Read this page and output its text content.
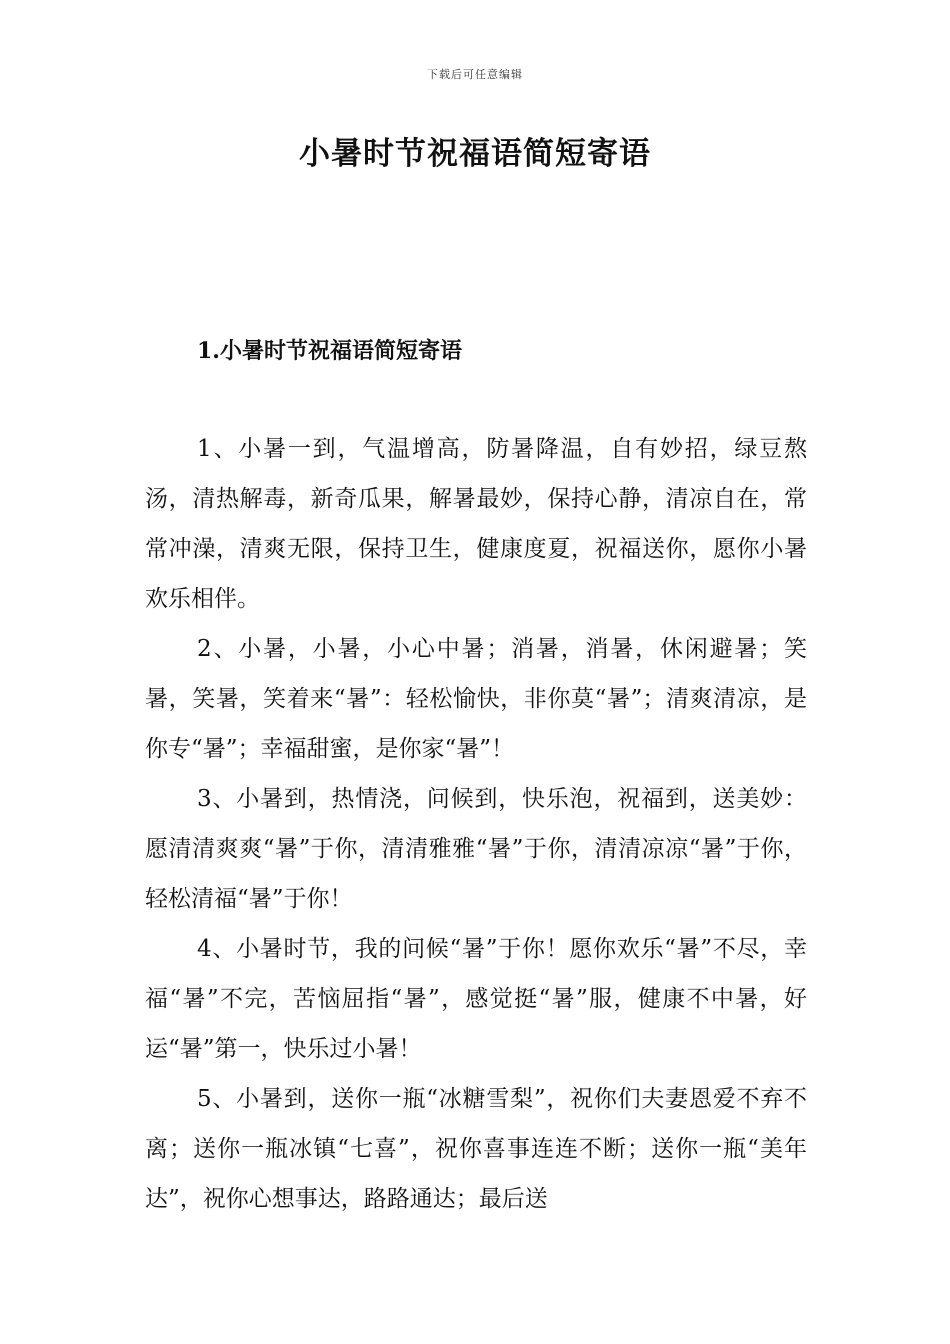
下载后可任意编辑
小暑时节祝福语简短寄语
1.小暑时节祝福语简短寄语

1、小暑一到，气温增高，防暑降温，自有妙招，绿豆熬汤，清热解毒，新奇瓜果，解暑最妙，保持心静，清凉自在，常常冲澡，清爽无限，保持卫生，健康度夏，祝福送你，愿你小暑欢乐相伴。

2、小暑，小暑，小心中暑；消暑，消暑，休闲避暑；笑暑，笑暑，笑着来“暑”：轻松愉快，非你莫“暑”；清爽清凉，是你专“暑”；幸福甜蜜，是你家“暑”！

3、小暑到，热情浇，问候到，快乐泡，祝福到，送美妙：愿清清爽爽“暑”于你，清清雅雅“暑”于你，清清凉凉“暑”于你，轻松清福“暑”于你！

4、小暑时节，我的问候“暑”于你！愿你欢乐“暑”不尽，幸福“暑”不完，苦恼屈指“暑”，感觉挺“暑”服，健康不中暑，好运“暑”第一，快乐过小暑！

5、小暑到，送你一瓶“冰糖雪梨”，祝你们夫妻恩爱不弃不离；送你一瓶冰镇“七喜”，祝你喜事连连不断；送你一瓶“美年达”，祝你心想事达，路路通达；最后送
